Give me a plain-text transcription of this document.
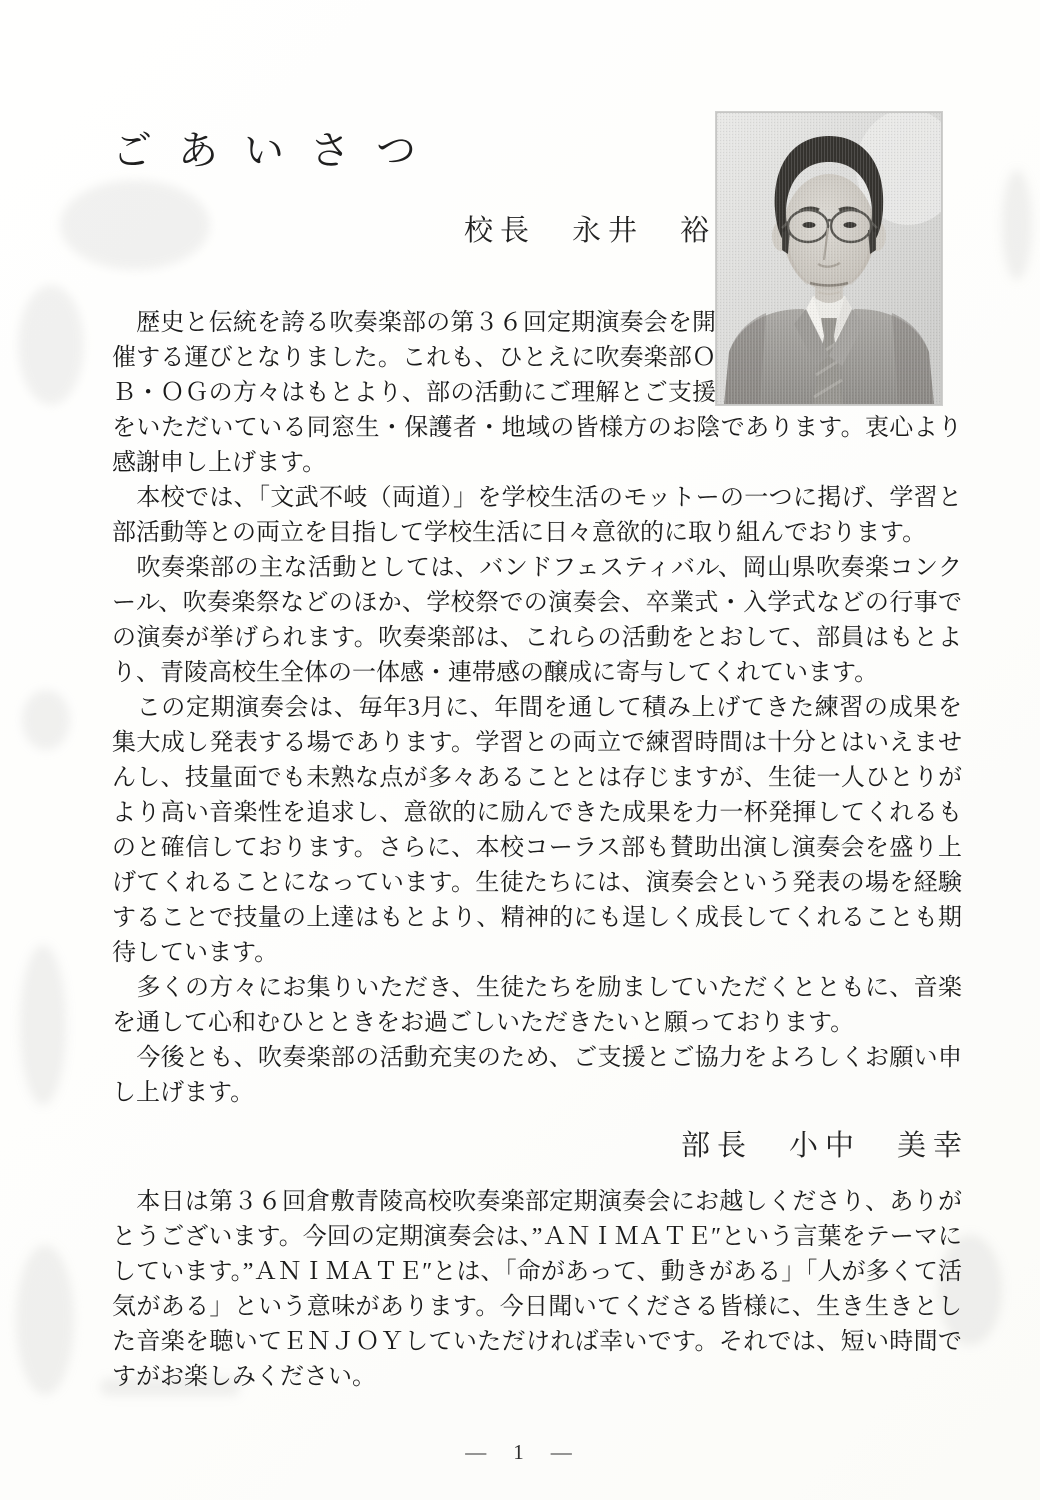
ごあいさつ

校長　永井　裕

　歴史と伝統を誇る吹奏楽部の第３６回定期演奏会を開催する運びとなりました。これも、ひとえに吹奏楽部ＯＢ・ＯＧの方々はもとより、部の活動にご理解とご支援をいただいている同窓生・保護者・地域の皆様方のお陰であります。衷心より感謝申し上げます。

　本校では、「文武不岐（両道）」を学校生活のモットーの一つに掲げ、学習と部活動等との両立を目指して学校生活に日々意欲的に取り組んでおります。

　吹奏楽部の主な活動としては、バンドフェスティバル、岡山県吹奏楽コンクール、吹奏楽祭などのほか、学校祭での演奏会、卒業式・入学式などの行事での演奏が挙げられます。吹奏楽部は、これらの活動をとおして、部員はもとより、青陵高校生全体の一体感・連帯感の醸成に寄与してくれています。

　この定期演奏会は、毎年3月に、年間を通して積み上げてきた練習の成果を集大成し発表する場であります。学習との両立で練習時間は十分とはいえませんし、技量面でも未熟な点が多々あることとは存じますが、生徒一人ひとりがより高い音楽性を追求し、意欲的に励んできた成果を力一杯発揮してくれるものと確信しております。さらに、本校コーラス部も賛助出演し演奏会を盛り上げてくれることになっています。生徒たちには、演奏会という発表の場を経験することで技量の上達はもとより、精神的にも逞しく成長してくれることも期待しています。

　多くの方々にお集りいただき、生徒たちを励ましていただくとともに、音楽を通して心和むひとときをお過ごしいただきたいと願っております。

　今後とも、吹奏楽部の活動充実のため、ご支援とご協力をよろしくお願い申し上げます。

部長　小中　美幸

　本日は第３６回倉敷青陵高校吹奏楽部定期演奏会にお越しくださり、ありがとうございます。今回の定期演奏会は、”ＡＮＩＭＡＴＥ″という言葉をテーマにしています。”ＡＮＩＭＡＴＥ″とは、「命があって、動きがある」「人が多くて活気がある」という意味があります。今日聞いてくださる皆様に、生き生きとした音楽を聴いてＥＮＪＯＹしていただければ幸いです。それでは、短い時間ですがお楽しみください。

—　1　—
